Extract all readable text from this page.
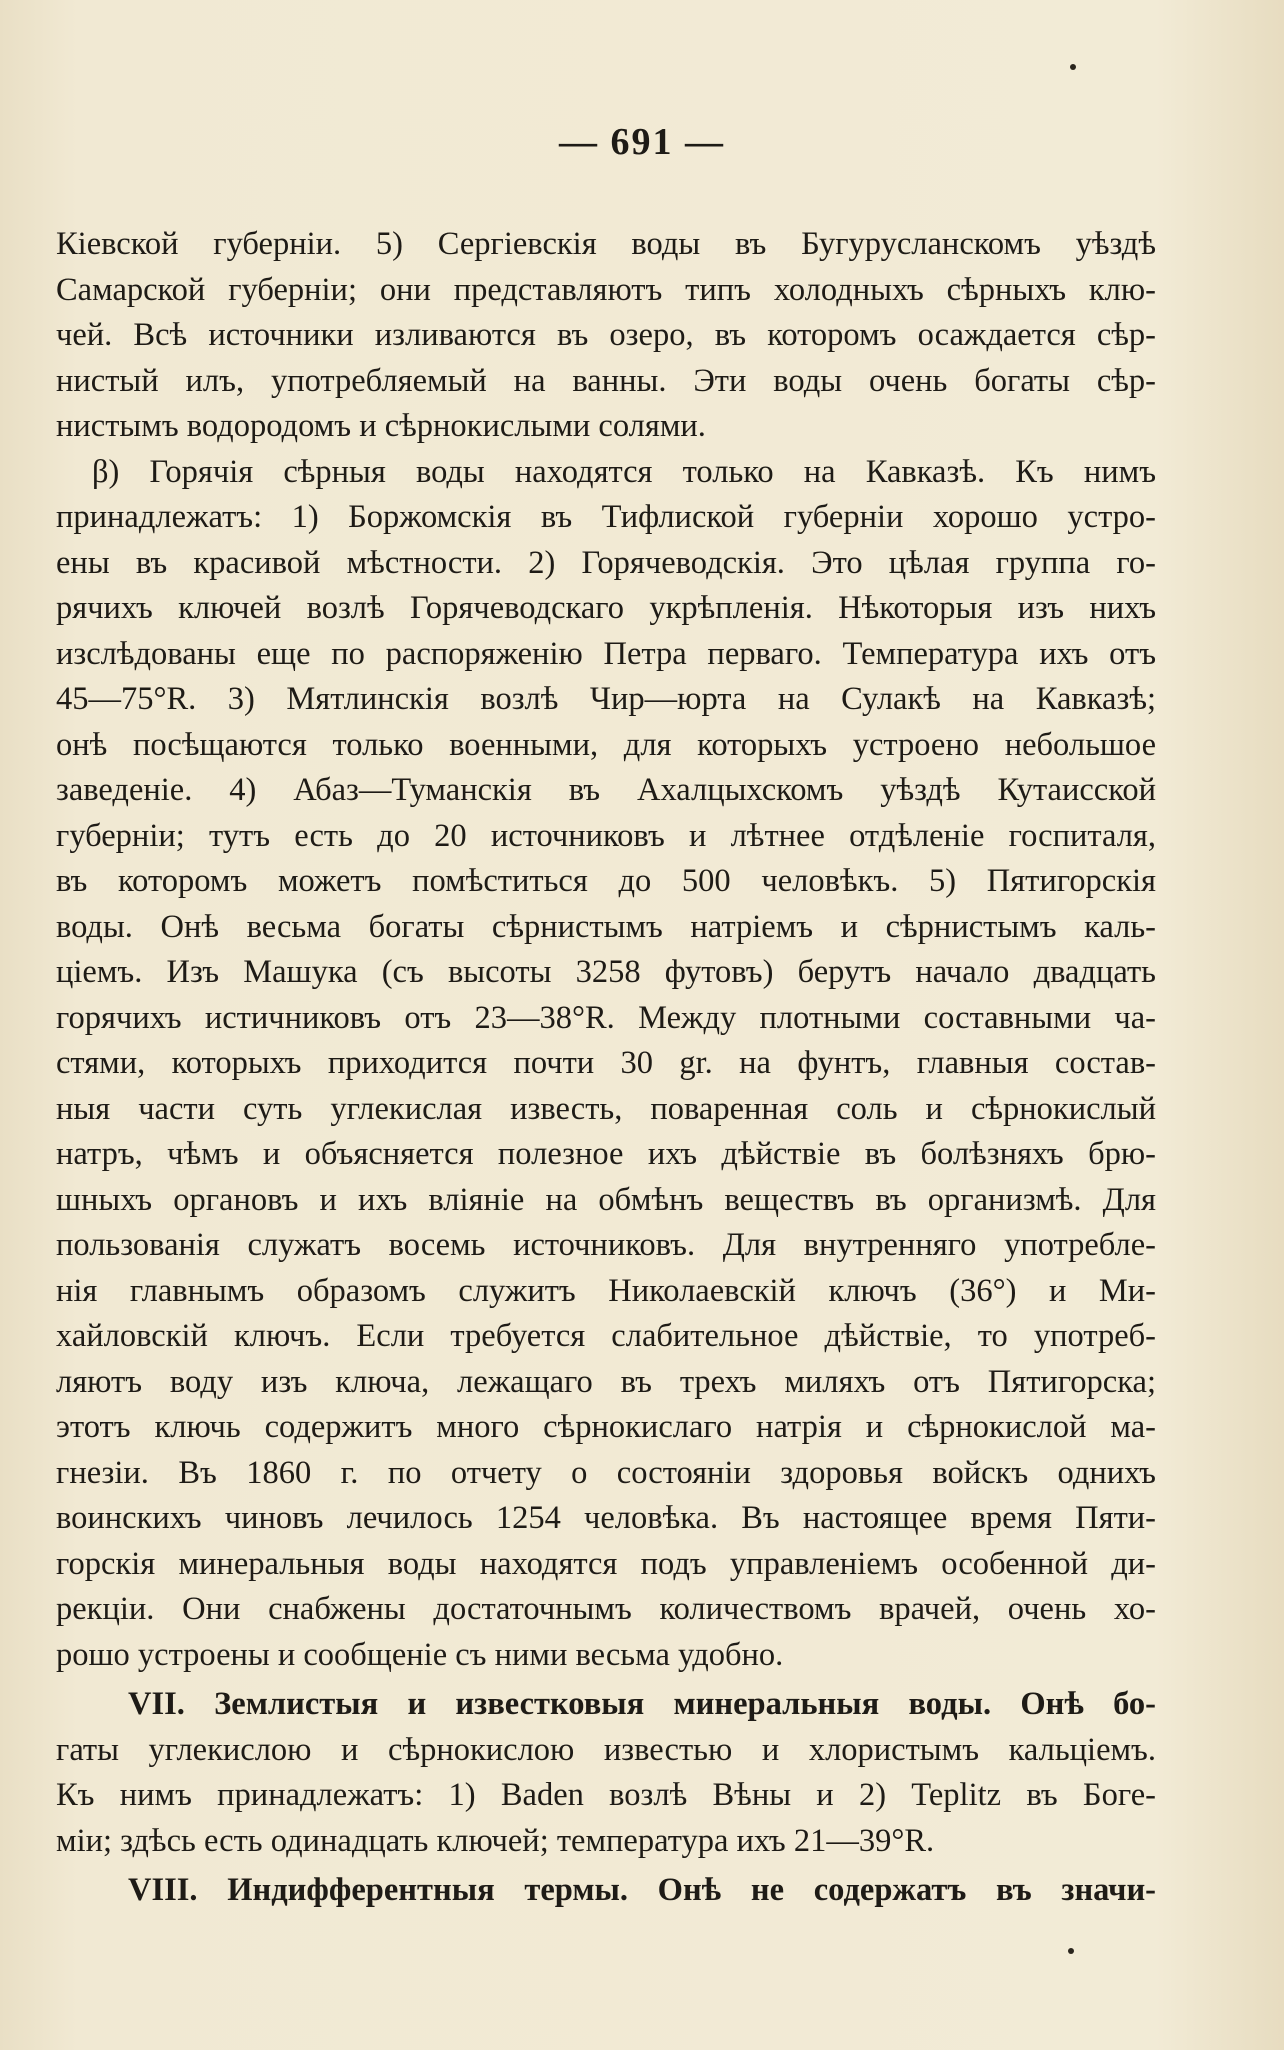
— 691 —
Кіевской губерніи. 5) Сергіевскія воды въ Бугурусланскомъ уѣздѣ
Самарской губерніи; они представляютъ типъ холодныхъ сѣрныхъ клю-
чей. Всѣ источники изливаются въ озеро, въ которомъ осаждается сѣр-
нистый илъ, употребляемый на ванны. Эти воды очень богаты сѣр-
нистымъ водородомъ и сѣрнокислыми солями.
β) Горячія сѣрныя воды находятся только на Кавказѣ. Къ нимъ
принадлежатъ: 1) Боржомскія въ Тифлиской губерніи хорошо устро-
ены въ красивой мѣстности. 2) Горячеводскія. Это цѣлая группа го-
рячихъ ключей возлѣ Горячеводскаго укрѣпленія. Нѣкоторыя изъ нихъ
изслѣдованы еще по распоряженію Петра перваго. Температура ихъ отъ
45—75°R. 3) Мятлинскія возлѣ Чир—юрта на Сулакѣ на Кавказѣ;
онѣ посѣщаются только военными, для которыхъ устроено небольшое
заведеніе. 4) Абаз—Туманскія въ Ахалцыхскомъ уѣздѣ Кутаисской
губерніи; тутъ есть до 20 источниковъ и лѣтнее отдѣленіе госпиталя,
въ которомъ можетъ помѣститься до 500 человѣкъ. 5) Пятигорскія
воды. Онѣ весьма богаты сѣрнистымъ натріемъ и сѣрнистымъ каль-
ціемъ. Изъ Машука (съ высоты 3258 футовъ) берутъ начало двадцать
горячихъ истичниковъ отъ 23—38°R. Между плотными составными ча-
стями, которыхъ приходится почти 30 gr. на фунтъ, главныя состав-
ныя части суть углекислая известь, поваренная соль и сѣрнокислый
натръ, чѣмъ и объясняется полезное ихъ дѣйствіе въ болѣзняхъ брю-
шныхъ органовъ и ихъ вліяніе на обмѣнъ веществъ въ организмѣ. Для
пользованія служатъ восемь источниковъ. Для внутренняго употребле-
нія главнымъ образомъ служитъ Николаевскій ключъ (36°) и Ми-
хайловскій ключъ. Если требуется слабительное дѣйствіе, то употреб-
ляютъ воду изъ ключа, лежащаго въ трехъ миляхъ отъ Пятигорска;
этотъ ключь содержитъ много сѣрнокислаго натрія и сѣрнокислой ма-
гнезіи. Въ 1860 г. по отчету о состояніи здоровья войскъ однихъ
воинскихъ чиновъ лечилось 1254 человѣка. Въ настоящее время Пяти-
горскія минеральныя воды находятся подъ управленіемъ особенной ди-
рекціи. Они снабжены достаточнымъ количествомъ врачей, очень хо-
рошо устроены и сообщеніе съ ними весьма удобно.
VII. Землистыя и известковыя минеральныя воды. Онѣ бо-
гаты углекислою и сѣрнокислою известью и хлористымъ кальціемъ.
Къ нимъ принадлежатъ: 1) Baden возлѣ Вѣны и 2) Teplitz въ Боге-
міи; здѣсь есть одинадцать ключей; температура ихъ 21—39°R.
VIII. Индифферентныя термы. Онѣ не содержатъ въ значи-
